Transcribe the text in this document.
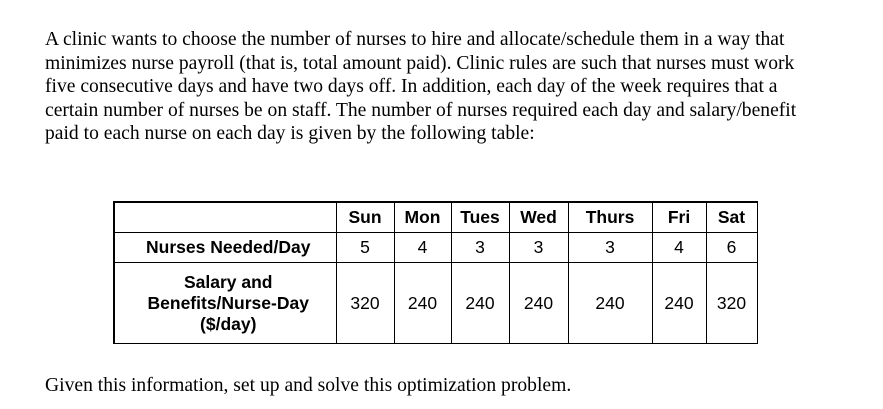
A clinic wants to choose the number of nurses to hire and allocate/schedule them in a way that
minimizes nurse payroll (that is, total amount paid). Clinic rules are such that nurses must work
five consecutive days and have two days off. In addition, each day of the week requires that a
certain number of nurses be on staff. The number of nurses required each day and salary/benefit
paid to each nurse on each day is given by the following table:
	Sun	Mon	Tues	Wed	Thurs	Fri	Sat

Nurses Needed/Day	5	4	3	3	3	4	6

Salary and
Benefits/Nurse-Day
($/day)	320	240	240	240	240	240	320
Given this information, set up and solve this optimization problem.
